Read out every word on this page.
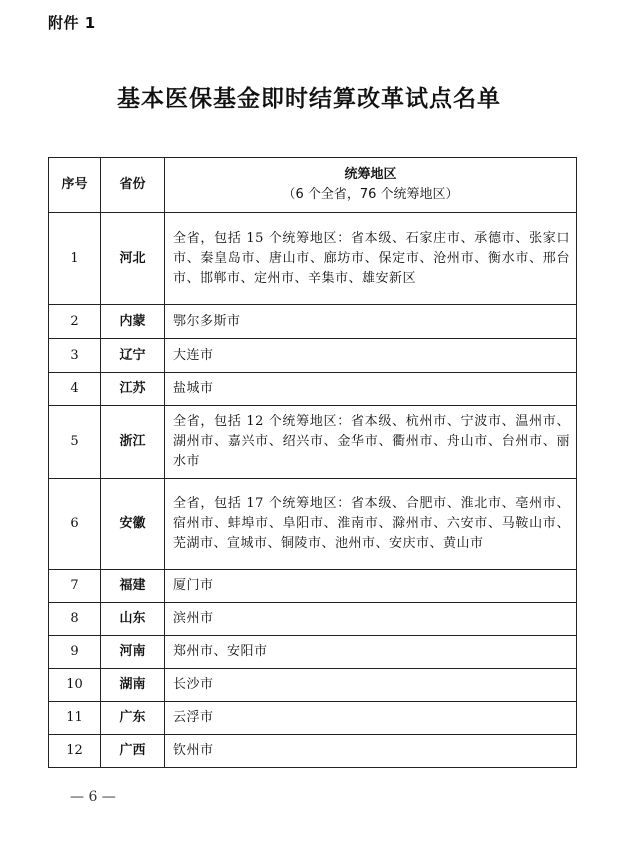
附件 1
基本医保基金即时结算改革试点名单
序号	省份	统筹地区
（6 个全省，76 个统筹地区）

1	河北	全省，包括 15 个统筹地区：省本级、石家庄市、承德市、张家口市、秦皇岛市、唐山市、廊坊市、保定市、沧州市、衡水市、邢台市、邯郸市、定州市、辛集市、雄安新区
2	内蒙	鄂尔多斯市
3	辽宁	大连市
4	江苏	盐城市
5	浙江	全省，包括 12 个统筹地区：省本级、杭州市、宁波市、温州市、湖州市、嘉兴市、绍兴市、金华市、衢州市、舟山市、台州市、丽水市
6	安徽	全省，包括 17 个统筹地区：省本级、合肥市、淮北市、亳州市、宿州市、蚌埠市、阜阳市、淮南市、滁州市、六安市、马鞍山市、芜湖市、宣城市、铜陵市、池州市、安庆市、黄山市
7	福建	厦门市
8	山东	滨州市
9	河南	郑州市、安阳市
10	湖南	长沙市
11	广东	云浮市
12	广西	钦州市
— 6 —
